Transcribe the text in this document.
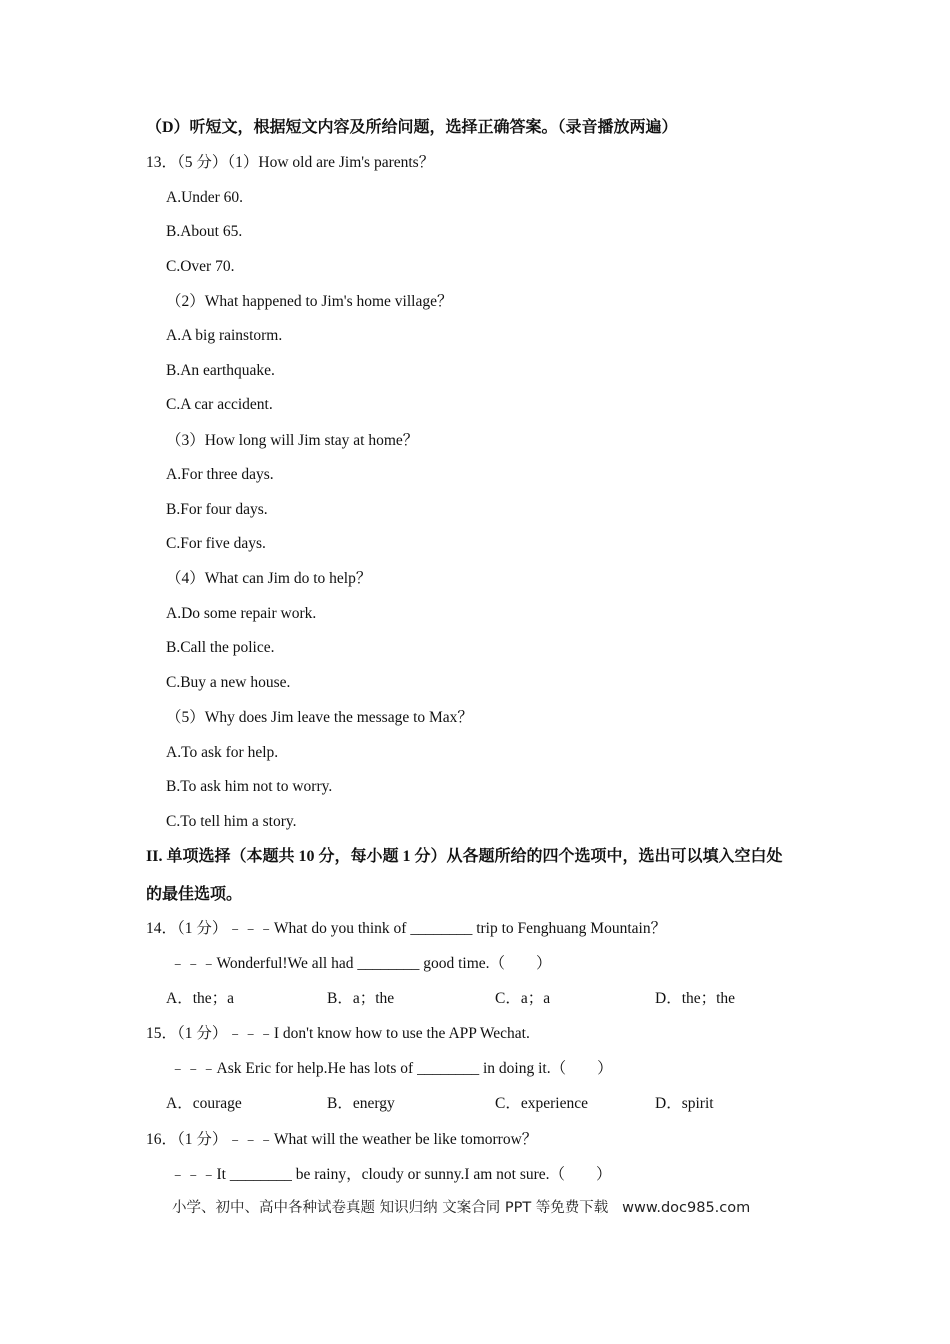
（D）听短文，根据短文内容及所给问题，选择正确答案。（录音播放两遍）
13．（5 分）（1）How old are Jim's parents？
A.Under 60.
B.About 65.
C.Over 70.
（2）What happened to Jim's home village？
A.A big rainstorm.
B.An earthquake.
C.A car accident.
（3）How long will Jim stay at home？
A.For three days.
B.For four days.
C.For five days.
（4）What can Jim do to help？
A.Do some repair work.
B.Call the police.
C.Buy a new house.
（5）Why does Jim leave the message to Max？
A.To ask for help.
B.To ask him not to worry.
C.To tell him a story.
II. 单项选择（本题共 10 分，每小题 1 分）从各题所给的四个选项中，选出可以填入空白处
的最佳选项。
14．（1 分）﹣﹣﹣What do you think of ________ trip to Fenghuang Mountain？
﹣﹣﹣Wonderful!We all had ________ good time.（　　）
A．the；a	B．a；the	C．a；a	D．the；the
15．（1 分）﹣﹣﹣I don't know how to use the APP Wechat.
﹣﹣﹣Ask Eric for help.He has lots of ________ in doing it.（　　）
A．courage	B．energy	C．experience	D．spirit
16．（1 分）﹣﹣﹣What will the weather be like tomorrow？
﹣﹣﹣It ________ be rainy，cloudy or sunny.I am not sure.（　　）
小学、初中、高中各种试卷真题 知识归纳 文案合同 PPT 等免费下载   www.doc985.com
